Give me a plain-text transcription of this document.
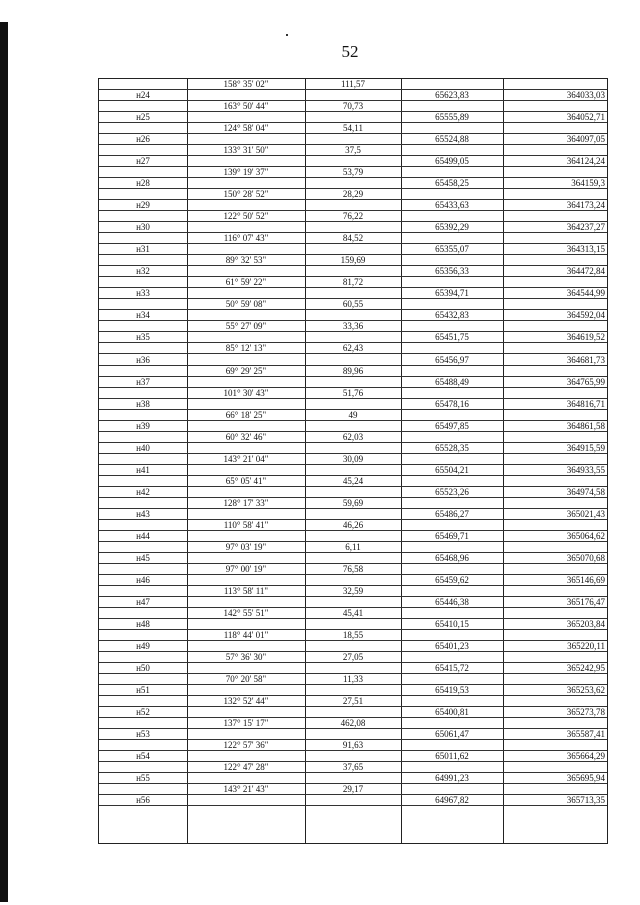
52
158° 35' 02"	111,57
н24	65623,83	364033,03
163° 50' 44"	70,73
н25	65555,89	364052,71
124° 58' 04"	54,11
н26	65524,88	364097,05
133° 31' 50"	37,5
н27	65499,05	364124,24
139° 19' 37"	53,79
н28	65458,25	364159,3
150° 28' 52"	28,29
н29	65433,63	364173,24
122° 50' 52"	76,22
н30	65392,29	364237,27
116° 07' 43"	84,52
н31	65355,07	364313,15
89° 32' 53"	159,69
н32	65356,33	364472,84
61° 59' 22"	81,72
н33	65394,71	364544,99
50° 59' 08"	60,55
н34	65432,83	364592,04
55° 27' 09"	33,36
н35	65451,75	364619,52
85° 12' 13"	62,43
н36	65456,97	364681,73
69° 29' 25"	89,96
н37	65488,49	364765,99
101° 30' 43"	51,76
н38	65478,16	364816,71
66° 18' 25"	49
н39	65497,85	364861,58
60° 32' 46"	62,03
н40	65528,35	364915,59
143° 21' 04"	30,09
н41	65504,21	364933,55
65° 05' 41"	45,24
н42	65523,26	364974,58
128° 17' 33"	59,69
н43	65486,27	365021,43
110° 58' 41"	46,26
н44	65469,71	365064,62
97° 03' 19"	6,11
н45	65468,96	365070,68
97° 00' 19"	76,58
н46	65459,62	365146,69
113° 58' 11"	32,59
н47	65446,38	365176,47
142° 55' 51"	45,41
н48	65410,15	365203,84
118° 44' 01"	18,55
н49	65401,23	365220,11
57° 36' 30"	27,05
н50	65415,72	365242,95
70° 20' 58"	11,33
н51	65419,53	365253,62
132° 52' 44"	27,51
н52	65400,81	365273,78
137° 15' 17"	462,08
н53	65061,47	365587,41
122° 57' 36"	91,63
н54	65011,62	365664,29
122° 47' 28"	37,65
н55	64991,23	365695,94
143° 21' 43"	29,17
н56	64967,82	365713,35
